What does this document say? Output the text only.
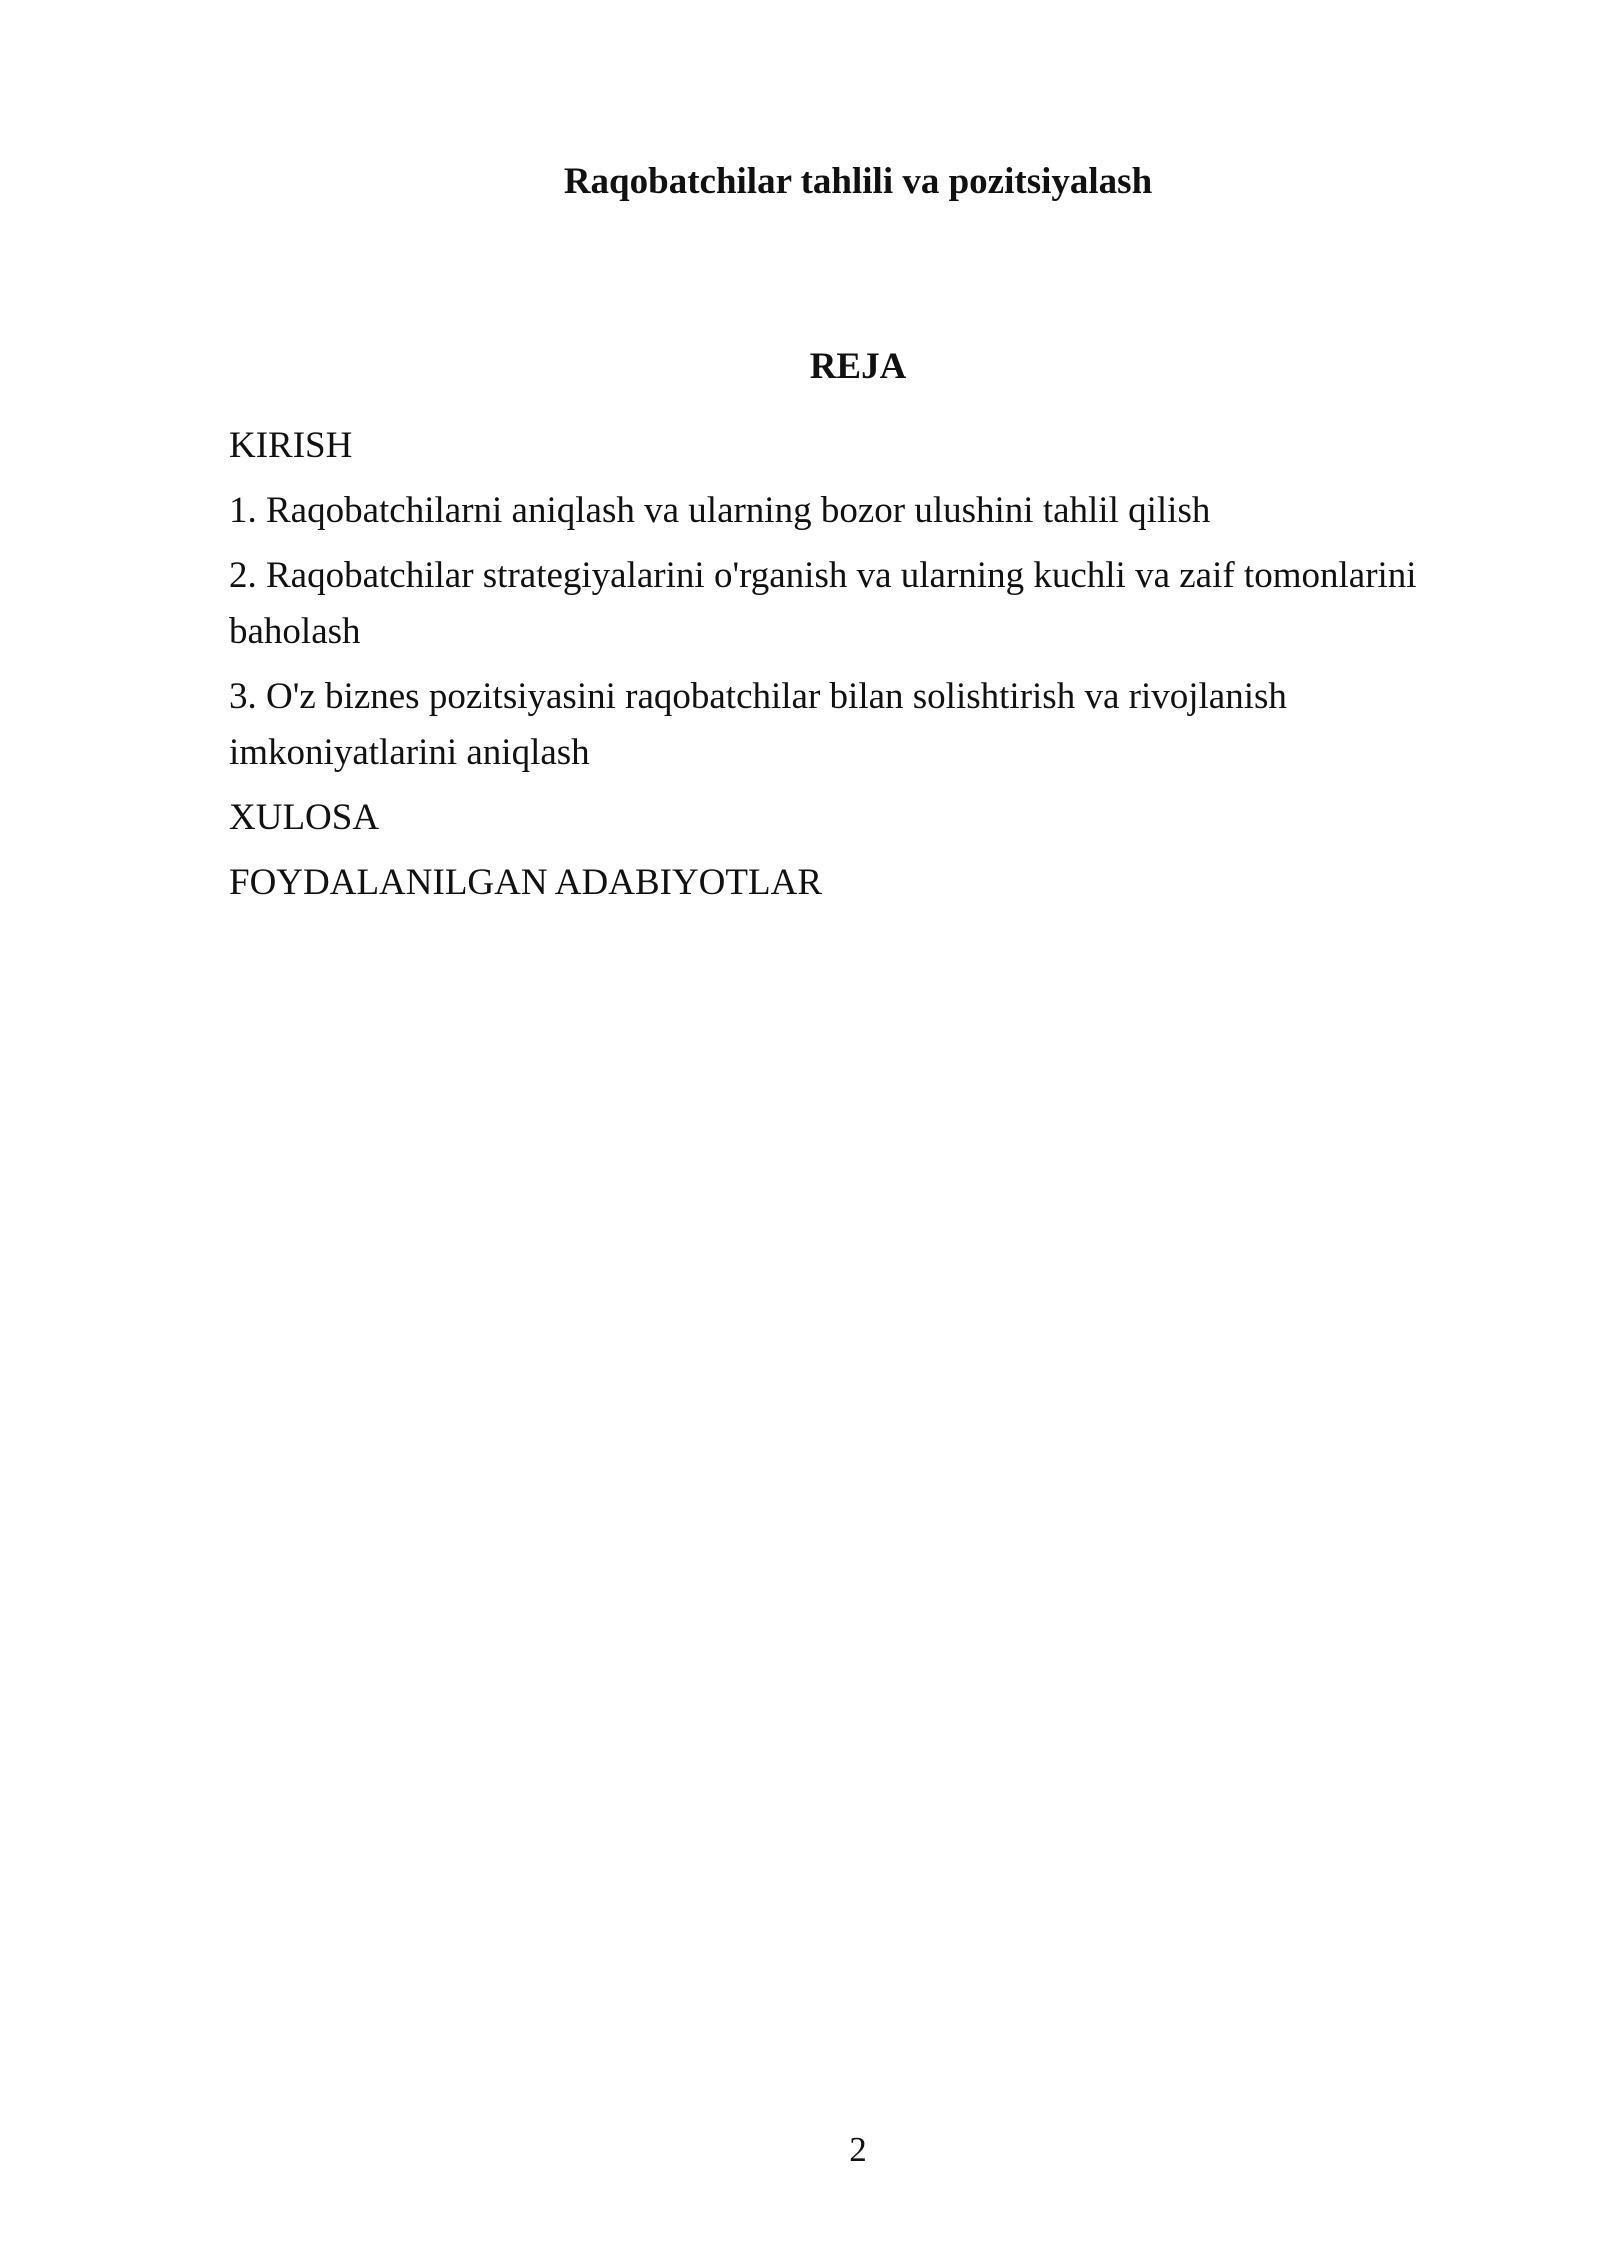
Raqobatchilar tahlili va pozitsiyalash
REJA
KIRISH
1. Raqobatchilarni aniqlash va ularning bozor ulushini tahlil qilish
2. Raqobatchilar strategiyalarini o'rganish va ularning kuchli va zaif tomonlarini baholash
3. O'z biznes pozitsiyasini raqobatchilar bilan solishtirish va rivojlanish imkoniyatlarini aniqlash
XULOSA
FOYDALANILGAN ADABIYOTLAR
2
